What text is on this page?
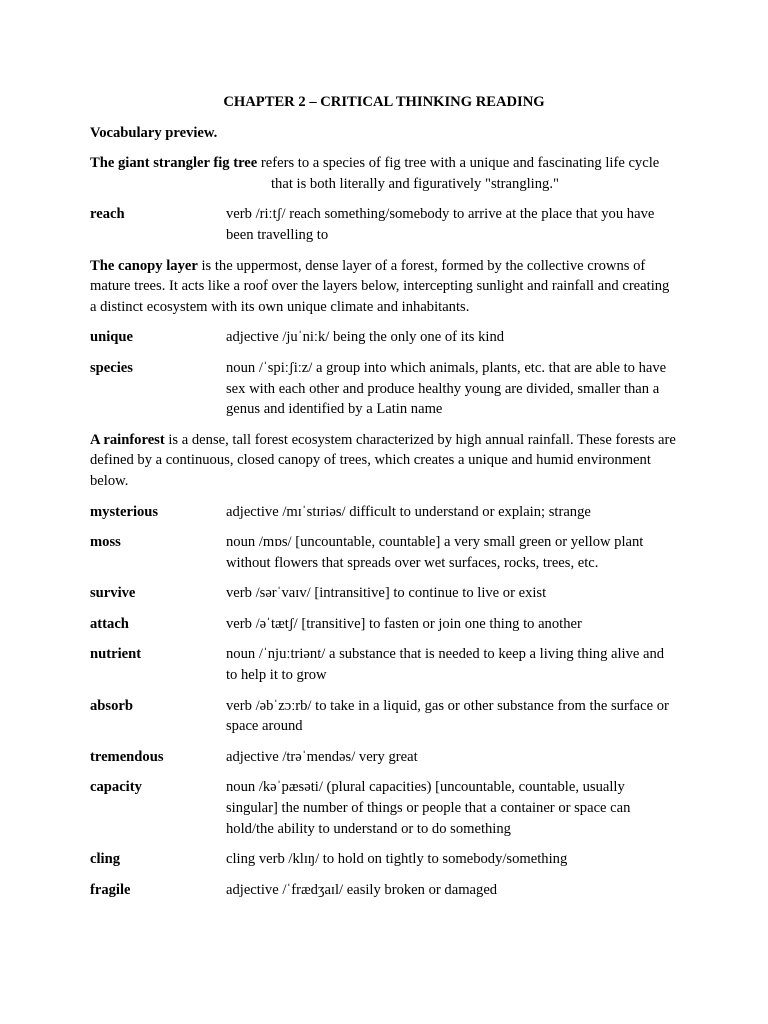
CHAPTER 2 – CRITICAL THINKING READING
Vocabulary preview.
The giant strangler fig tree refers to a species of fig tree with a unique and fascinating life cycle that is both literally and figuratively "strangling."
reach	verb /riːtʃ/ reach something/somebody to arrive at the place that you have been travelling to
The canopy layer is the uppermost, dense layer of a forest, formed by the collective crowns of mature trees. It acts like a roof over the layers below, intercepting sunlight and rainfall and creating a distinct ecosystem with its own unique climate and inhabitants.
unique	adjective /juˈniːk/ being the only one of its kind
species	noun /ˈspiːʃiːz/ a group into which animals, plants, etc. that are able to have sex with each other and produce healthy young are divided, smaller than a genus and identified by a Latin name
A rainforest is a dense, tall forest ecosystem characterized by high annual rainfall. These forests are defined by a continuous, closed canopy of trees, which creates a unique and humid environment below.
mysterious	adjective /mɪˈstɪriəs/ difficult to understand or explain; strange
moss	noun /mɒs/ [uncountable, countable] a very small green or yellow plant without flowers that spreads over wet surfaces, rocks, trees, etc.
survive	verb /sərˈvaɪv/ [intransitive] to continue to live or exist
attach	verb /əˈtætʃ/ [transitive] to fasten or join one thing to another
nutrient	noun /ˈnjuːtriənt/ a substance that is needed to keep a living thing alive and to help it to grow
absorb	verb /əbˈzɔːrb/ to take in a liquid, gas or other substance from the surface or space around
tremendous	adjective /trəˈmendəs/ very great
capacity	noun /kəˈpæsəti/ (plural capacities) [uncountable, countable, usually singular] the number of things or people that a container or space can hold/the ability to understand or to do something
cling	cling verb /klɪŋ/ to hold on tightly to somebody/something
fragile	adjective /ˈfrædʒaɪl/ easily broken or damaged
